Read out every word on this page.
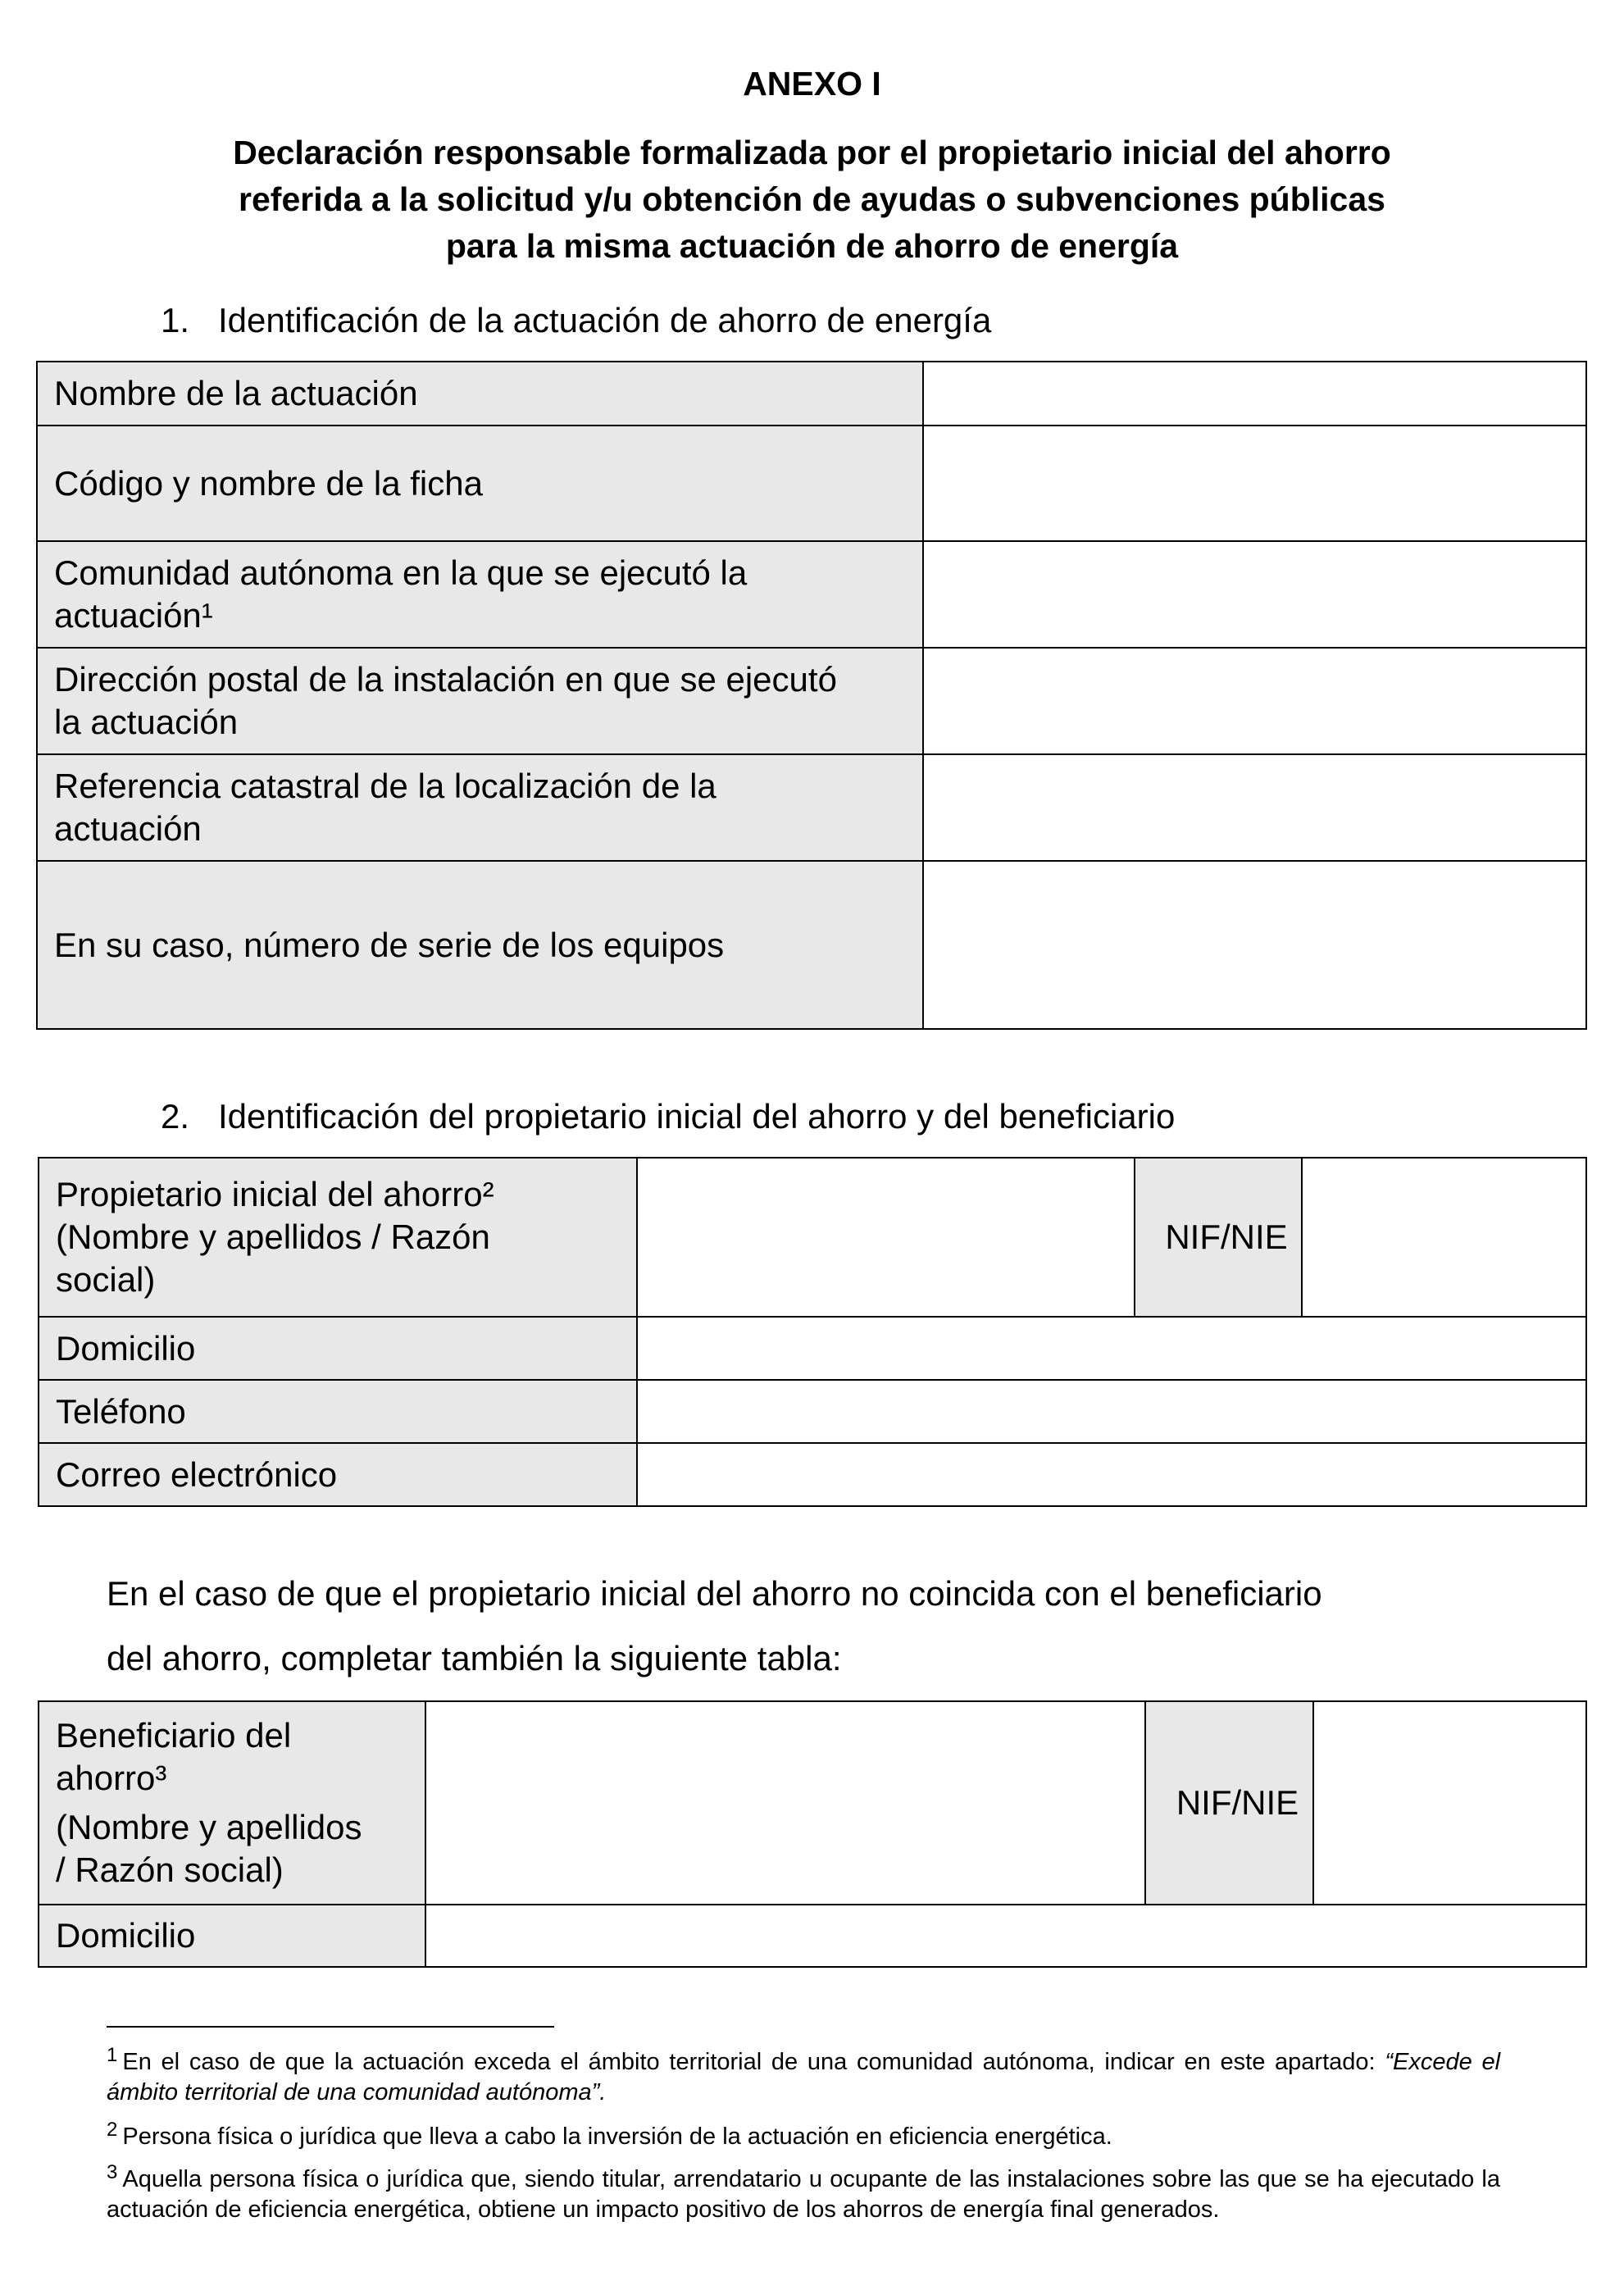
ANEXO I
Declaración responsable formalizada por el propietario inicial del ahorro
referida a la solicitud y/u obtención de ayudas o subvenciones públicas
para la misma actuación de ahorro de energía
1. Identificación de la actuación de ahorro de energía
Nombre de la actuación	
Código y nombre de la ficha	

Comunidad autónoma en la que se ejecutó la
actuación¹	

Dirección postal de la instalación en que se ejecutó
la actuación	

Referencia catastral de la localización de la
actuación	

En su caso, número de serie de los equipos	
2. Identificación del propietario inicial del ahorro y del beneficiario
Propietario inicial del ahorro²
(Nombre y apellidos / Razón
social)		NIF/NIE	
Domicilio			
Teléfono			
Correo electrónico			
En el caso de que el propietario inicial del ahorro no coincida con el beneficiario
del ahorro, completar también la siguiente tabla:
Beneficiario del
ahorro³
(Nombre y apellidos
/ Razón social)		NIF/NIE	
Domicilio			
$^1$ En el caso de que la actuación exceda el ámbito territorial de una comunidad autónoma, indicar en este apartado: “Excede el ámbito territorial de una comunidad autónoma”.
$^2$ Persona física o jurídica que lleva a cabo la inversión de la actuación en eficiencia energética.
$^3$ Aquella persona física o jurídica que, siendo titular, arrendatario u ocupante de las instalaciones sobre las que se ha ejecutado la actuación de eficiencia energética, obtiene un impacto positivo de los ahorros de energía final generados.
